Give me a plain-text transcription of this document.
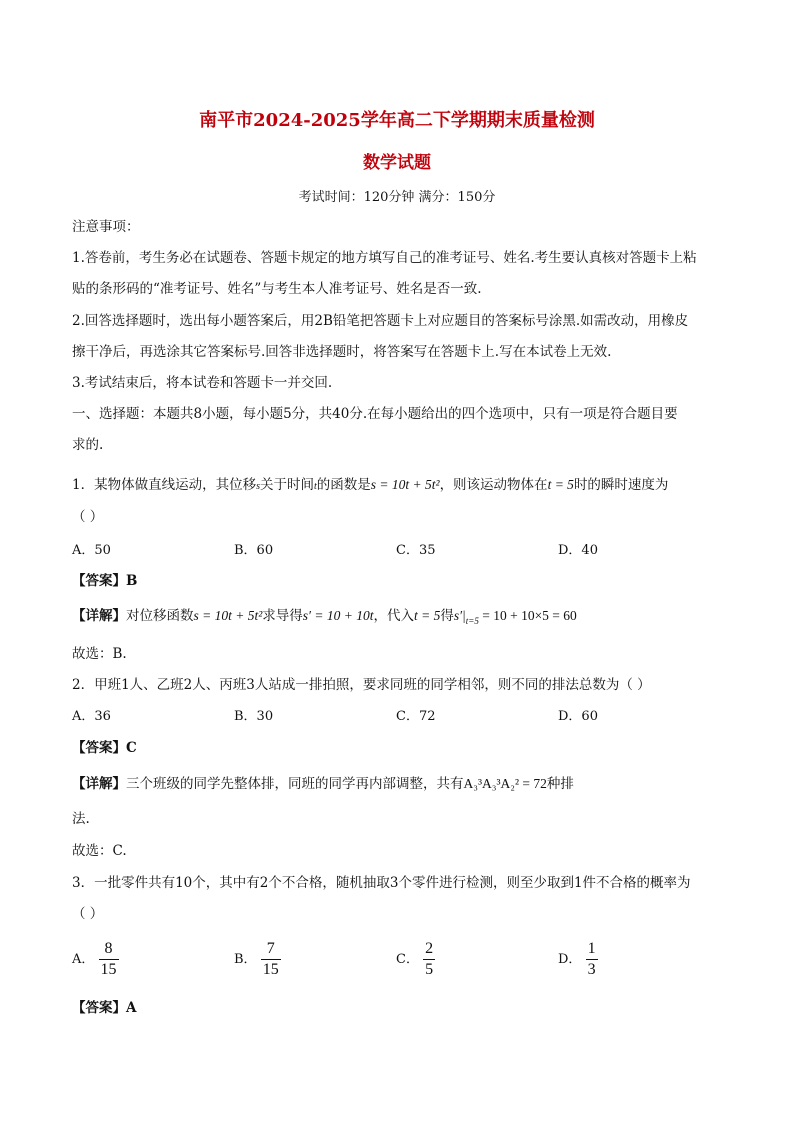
南平市2024-2025学年高二下学期期末质量检测
数学试题
考试时间：120分钟 满分：150分
注意事项：
1.答卷前，考生务必在试题卷、答题卡规定的地方填写自己的准考证号、姓名.考生要认真核对答题卡上粘
贴的条形码的“准考证号、姓名”与考生本人准考证号、姓名是否一致.
2.回答选择题时，选出每小题答案后，用2B铅笔把答题卡上对应题目的答案标号涂黑.如需改动，用橡皮
擦干净后，再选涂其它答案标号.回答非选择题时，将答案写在答题卡上.写在本试卷上无效.
3.考试结束后，将本试卷和答题卡一并交回.
一、选择题：本题共8小题，每小题5分，共40分.在每小题给出的四个选项中，只有一项是符合题目要
求的.
1．某物体做直线运动，其位移s关于时间t的函数是s = 10t + 5t²，则该运动物体在t = 5时的瞬时速度为
（ ）
A．50	B．60	C．35	D．40
【答案】B
【详解】对位移函数s = 10t + 5t²求导得s′ = 10 + 10t，代入t = 5得$s'|_{t=5} = 10 + 10\times 5 = 60$
故选：B.
2．甲班1人、乙班2人、丙班3人站成一排拍照，要求同班的同学相邻，则不同的排法总数为（ ）
A．36	B．30	C．72	D．60
【答案】C
【详解】三个班级的同学先整体排，同班的同学再内部调整，共有A₃³A₃³A₂² = 72种排
法.
故选：C.
3．一批零件共有10个，其中有2个不合格，随机抽取3个零件进行检测，则至少取到1件不合格的概率为
（ ）
A． $\frac{8}{15}$	B． $\frac{7}{15}$	C． $\frac{2}{5}$	D． $\frac{1}{3}$
【答案】A
